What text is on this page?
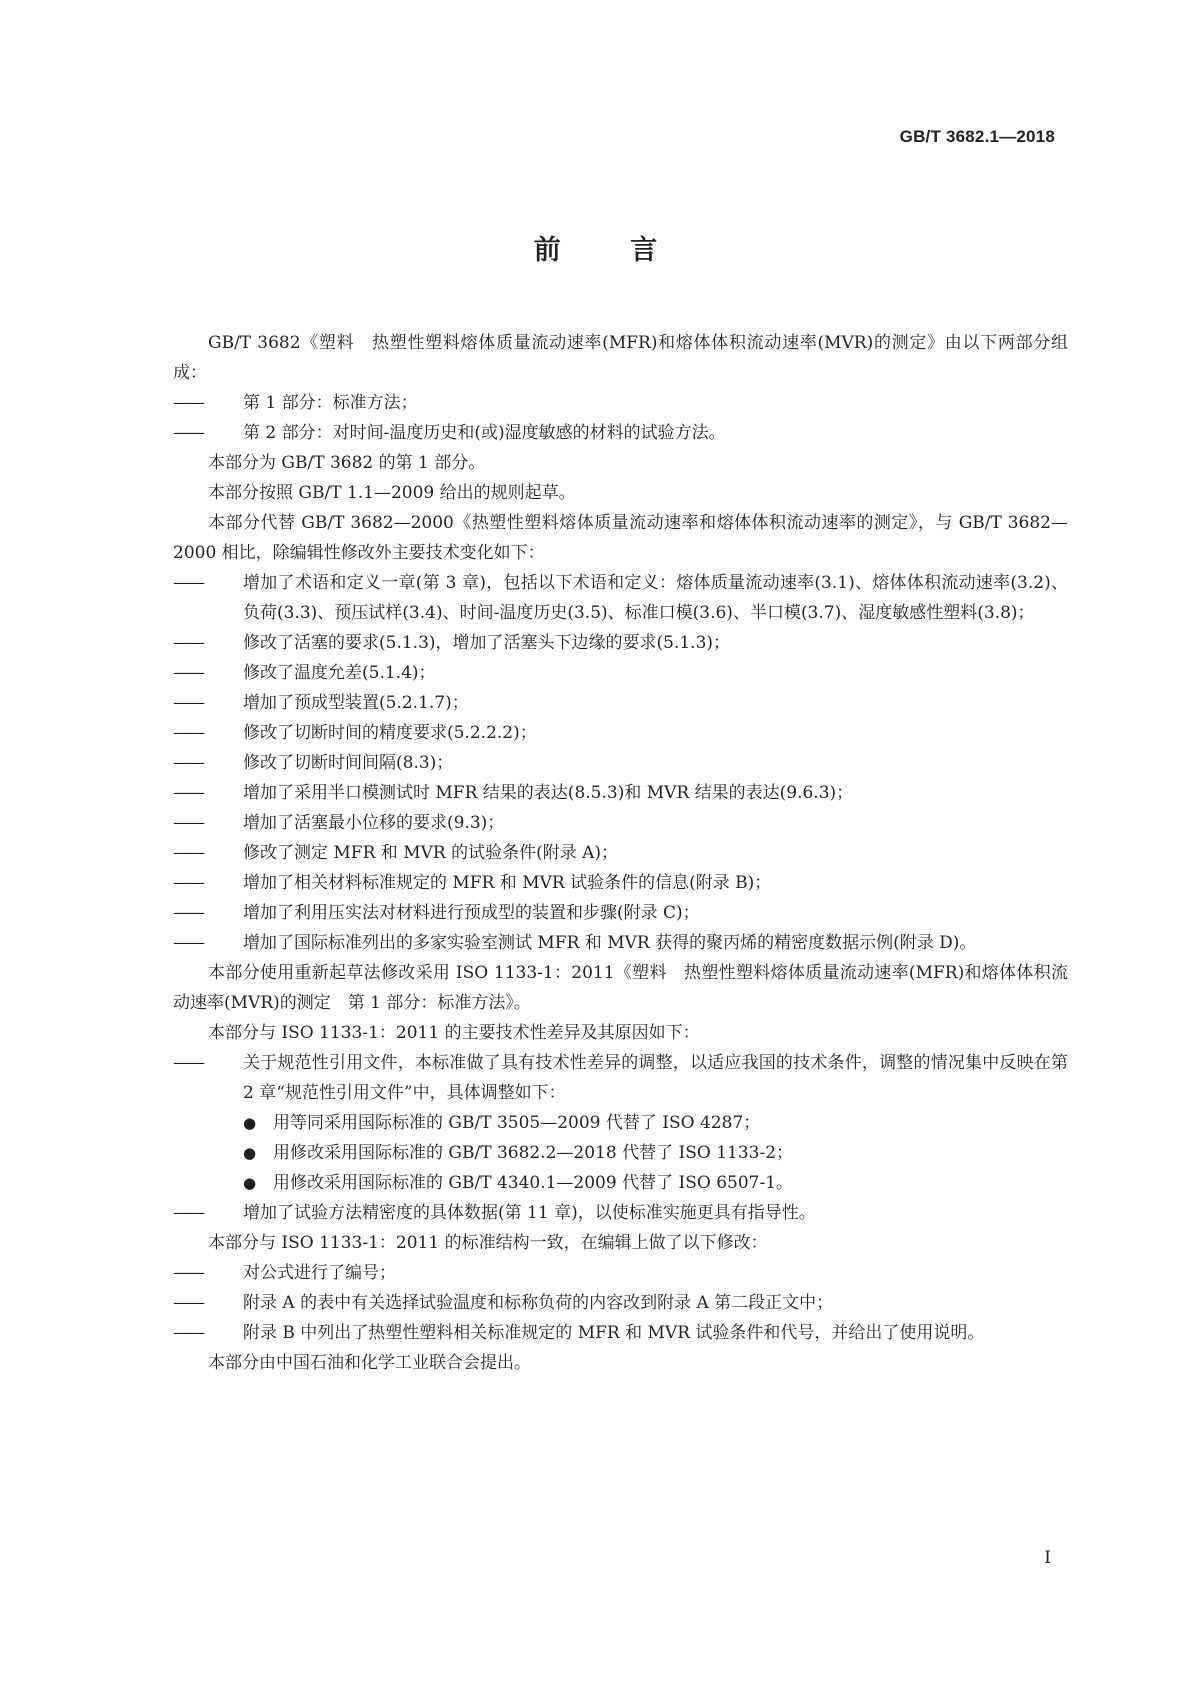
GB/T 3682.1—2018
前 言

GB/T 3682《塑料　热塑性塑料熔体质量流动速率(MFR)和熔体体积流动速率(MVR)的测定》由以下两部分组成：

——	第 1 部分：标准方法；

——	第 2 部分：对时间-温度历史和(或)湿度敏感的材料的试验方法。

本部分为 GB/T 3682 的第 1 部分。

本部分按照 GB/T 1.1—2009 给出的规则起草。

本部分代替 GB/T 3682—2000《热塑性塑料熔体质量流动速率和熔体体积流动速率的测定》，与 GB/T 3682—2000 相比，除编辑性修改外主要技术变化如下：

——	增加了术语和定义一章(第 3 章)，包括以下术语和定义：熔体质量流动速率(3.1)、熔体体积流动速率(3.2)、负荷(3.3)、预压试样(3.4)、时间-温度历史(3.5)、标准口模(3.6)、半口模(3.7)、湿度敏感性塑料(3.8)；

——	修改了活塞的要求(5.1.3)，增加了活塞头下边缘的要求(5.1.3)；

——	修改了温度允差(5.1.4)；

——	增加了预成型装置(5.2.1.7)；

——	修改了切断时间的精度要求(5.2.2.2)；

——	修改了切断时间间隔(8.3)；

——	增加了采用半口模测试时 MFR 结果的表达(8.5.3)和 MVR 结果的表达(9.6.3)；

——	增加了活塞最小位移的要求(9.3)；

——	修改了测定 MFR 和 MVR 的试验条件(附录 A)；

——	增加了相关材料标准规定的 MFR 和 MVR 试验条件的信息(附录 B)；

——	增加了利用压实法对材料进行预成型的装置和步骤(附录 C)；

——	增加了国际标准列出的多家实验室测试 MFR 和 MVR 获得的聚丙烯的精密度数据示例(附录 D)。

本部分使用重新起草法修改采用 ISO 1133-1：2011《塑料　热塑性塑料熔体质量流动速率(MFR)和熔体体积流动速率(MVR)的测定　第 1 部分：标准方法》。

本部分与 ISO 1133-1：2011 的主要技术性差异及其原因如下：

——	关于规范性引用文件，本标准做了具有技术性差异的调整，以适应我国的技术条件，调整的情况集中反映在第 2 章“规范性引用文件”中，具体调整如下：

● 用等同采用国际标准的 GB/T 3505—2009 代替了 ISO 4287；

● 用修改采用国际标准的 GB/T 3682.2—2018 代替了 ISO 1133-2；

● 用修改采用国际标准的 GB/T 4340.1—2009 代替了 ISO 6507-1。

——	增加了试验方法精密度的具体数据(第 11 章)，以使标准实施更具有指导性。

本部分与 ISO 1133-1：2011 的标准结构一致，在编辑上做了以下修改：

——	对公式进行了编号；

——	附录 A 的表中有关选择试验温度和标称负荷的内容改到附录 A 第二段正文中；

——	附录 B 中列出了热塑性塑料相关标准规定的 MFR 和 MVR 试验条件和代号，并给出了使用说明。

本部分由中国石油和化学工业联合会提出。

I
